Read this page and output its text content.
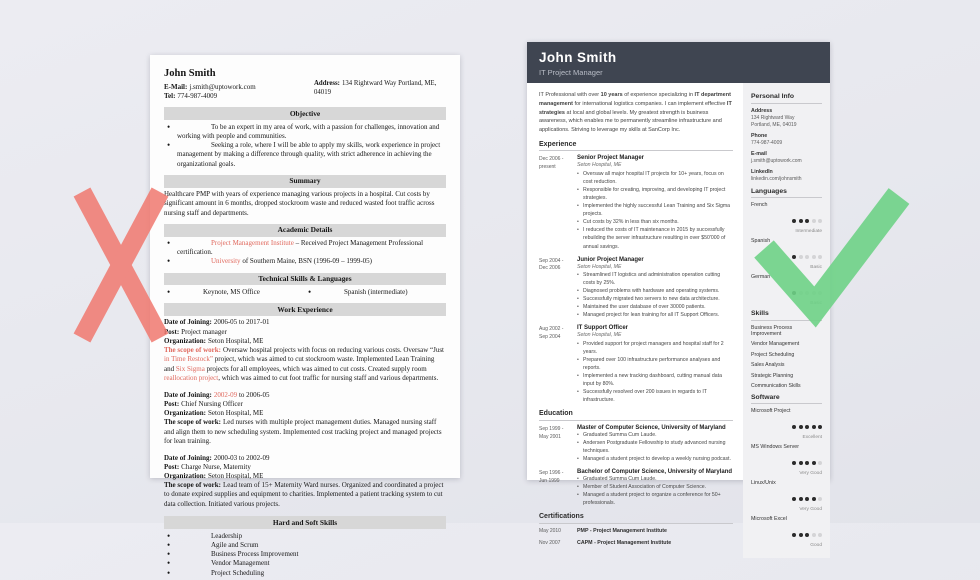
John Smith
E-Mail: j.smith@uptowork.com
Tel: 774-987-4009
Address: 134 Rightward Way Portland, ME, 04019
Objective
• To be an expert in my area of work, with a passion for challenges, innovation and working with people and communities.
• Seeking a role, where I will be able to apply my skills, work experience in project management by making a difference through quality, with strict adherence in achieving the organizational goals.
Summary

Healthcare PMP with years of experience managing various projects in a hospital. Cut costs by significant amount in 6 months, dropped stockroom waste and reduced wasted foot traffic across nursing staff and departments.

Academic Details
• Project Management Institute – Received Project Management Professional certification.
• University of Southern Maine, BSN (1996-09 – 1999-05)
Technical Skills & Languages
• Keynote, MS Office	• Spanish (intermediate)
Work Experience
Date of Joining: 2006-05 to 2017-01
Post: Project manager
Organization: Seton Hospital, ME
The scope of work: Oversaw hospital projects with focus on reducing various costs. Oversaw “Just in Time Restock” project, which was aimed to cut stockroom waste. Implemented Lean Training and Six Sigma projects for all employees, which was aimed to cut costs. Created supply room reallocation project, which was aimed to cut foot traffic for nursing staff and various departments.
Date of Joining: 2002-09 to 2006-05
Post: Chief Nursing Officer
Organization: Seton Hospital, ME
The scope of work: Led nurses with multiple project management duties. Managed nursing staff and align them to new scheduling system. Implemented cost tracking project and managed projects for lean training.
Date of Joining: 2000-03 to 2002-09
Post: Charge Nurse, Maternity
Organization: Seton Hospital, ME
The scope of work: Lead team of 15+ Maternity Ward nurses. Organized and coordinated a project to donate expired supplies and equipment to charities. Implemented a patient tracking system to cut data collection. Initiated various projects.
Hard and Soft Skills
• Leadership
• Agile and Scrum
• Business Process Improvement
• Vendor Management
• Project Scheduling
John Smith
IT Project Manager

IT Professional with over 10 years of experience specializing in IT department management for international logistics companies. I can implement effective IT strategies at local and global levels. My greatest strength is business awareness, which enables me to permanently streamline infrastructure and applications. Striving to leverage my skills at SanCorp Inc.

Experience
Dec 2006 -
present
Senior Project Manager
Seton Hospital, ME
• Oversaw all major hospital IT projects for 10+ years, focus on cost reduction.
• Responsible for creating, improving, and developing IT project strategies.
• Implemented the highly successful Lean Training and Six Sigma projects.
• Cut costs by 32% in less than six months.
• I reduced the costs of IT maintenance in 2015 by successfully rebuilding the server infrastructure resulting in over $50'000 of annual savings.
Sep 2004 -
Dec 2006
Junior Project Manager
Seton Hospital, ME
• Streamlined IT logistics and administration operation cutting costs by 25%.
• Diagnosed problems with hardware and operating systems.
• Successfully migrated two servers to new data architecture.
• Maintained the user database of over 30000 patients.
• Managed project for lean training for all IT Support Officers.
Aug 2002 -
Sep 2004
IT Support Officer
Seton Hospital, ME
• Provided support for project managers and hospital staff for 2 years.
• Prepared over 100 infrastructure performance analyses and reports.
• Implemented a new tracking dashboard, cutting manual data input by 80%.
• Successfully resolved over 200 issues in regards to IT infrastructure.
Education
Sep 1999 -
May 2001
Master of Computer Science, University of Maryland
• Graduated Summa Cum Laude.
• Andersen Postgraduate Fellowship to study advanced nursing techniques.
• Managed a student project to develop a weekly nursing podcast.
Sep 1996 -
Jun 1999
Bachelor of Computer Science, University of Maryland
• Graduated Summa Cum Laude.
• Member of Student Association of Computer Science.
• Managed a student project to organize a conference for 50+ professionals.
Certifications
May 2010	PMP - Project Management Institute
Nov 2007	CAPM - Project Management Institute
Personal Info
Address
134 Rightward Way
Portland, ME, 04019
Phone
774-987-4009
E-mail
j.smith@uptowork.com
LinkedIn
linkedin.com/johnsmith
Languages
French
Intermediate
Spanish
Basic
German
Basic
Skills
Business Process Improvement
Vendor Management
Project Scheduling
Sales Analysis
Strategic Planning
Communication Skills
Software
Microsoft Project
Excellent
MS Windows Server
Very Good
Linux/Unix
Very Good
Microsoft Excel
Good
